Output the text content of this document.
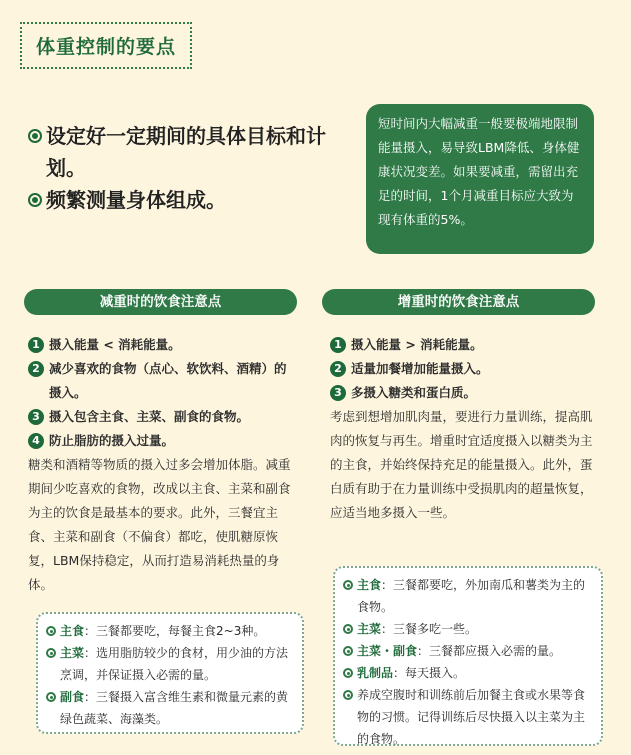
体重控制的要点
设定好一定期间的具体目标和计划。
频繁测量身体组成。
短时间内大幅减重一般要极端地限制能量摄入，易导致LBM降低、身体健康状况变差。如果要减重，需留出充足的时间，1个月减重目标应大致为现有体重的5%。
减重时的饮食注意点
1 摄入能量 < 消耗能量。
2 减少喜欢的食物（点心、软饮料、酒精）的摄入。
3 摄入包含主食、主菜、副食的食物。
4 防止脂肪的摄入过量。
糖类和酒精等物质的摄入过多会增加体脂。减重期间少吃喜欢的食物，改成以主食、主菜和副食为主的饮食是最基本的要求。此外，三餐宜主食、主菜和副食（不偏食）都吃，使肌糖原恢复，LBM保持稳定，从而打造易消耗热量的身体。
主食：三餐都要吃，每餐主食2~3种。
主菜：选用脂肪较少的食材，用少油的方法烹调，并保证摄入必需的量。
副食：三餐摄入富含维生素和微量元素的黄绿色蔬菜、海藻类。
增重时的饮食注意点
1 摄入能量 > 消耗能量。
2 适量加餐增加能量摄入。
3 多摄入糖类和蛋白质。
考虑到想增加肌肉量，要进行力量训练，提高肌肉的恢复与再生。增重时宜适度摄入以糖类为主的主食，并始终保持充足的能量摄入。此外，蛋白质有助于在力量训练中受损肌肉的超量恢复，应适当地多摄入一些。
主食：三餐都要吃，外加南瓜和薯类为主的食物。
主菜：三餐多吃一些。
主菜・副食：三餐都应摄入必需的量。
乳制品：每天摄入。
养成空腹时和训练前后加餐主食或水果等食物的习惯。记得训练后尽快摄入以主菜为主的食物。
